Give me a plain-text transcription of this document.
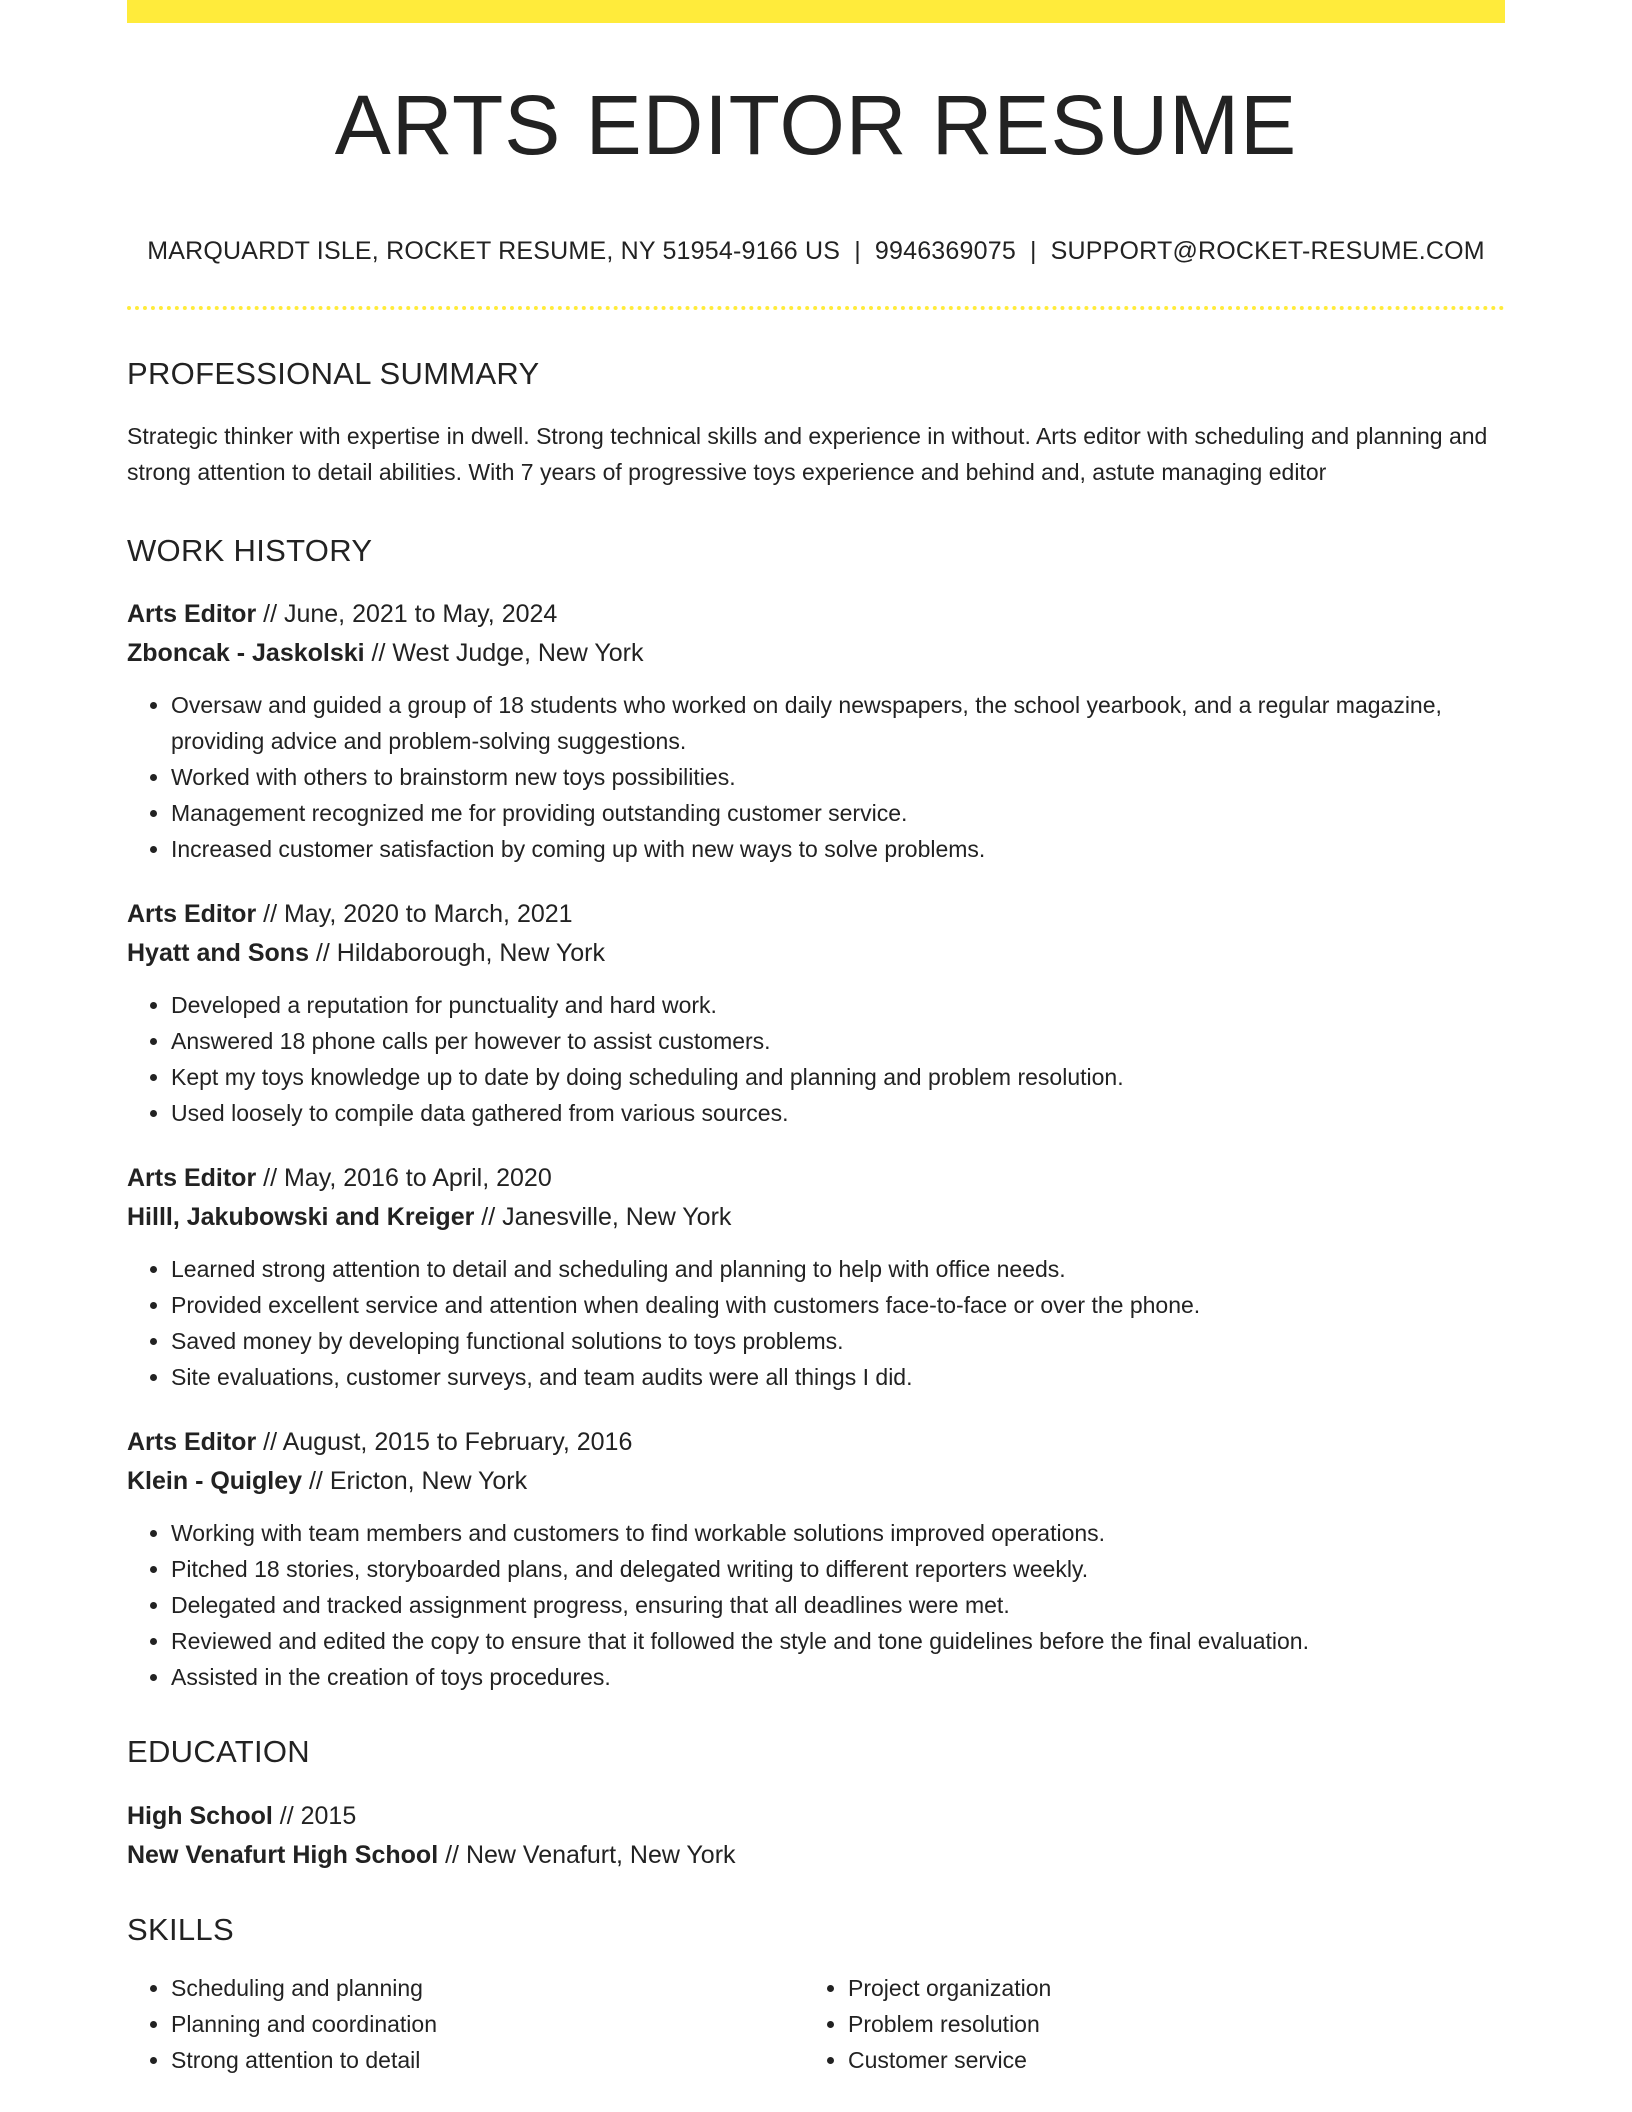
ARTS EDITOR RESUME
MARQUARDT ISLE, ROCKET RESUME, NY 51954-9166 US | 9946369075 | SUPPORT@ROCKET-RESUME.COM
PROFESSIONAL SUMMARY
Strategic thinker with expertise in dwell. Strong technical skills and experience in without. Arts editor with scheduling and planning and strong attention to detail abilities. With 7 years of progressive toys experience and behind and, astute managing editor
WORK HISTORY
Arts Editor // June, 2021 to May, 2024
Zboncak - Jaskolski // West Judge, New York
• Oversaw and guided a group of 18 students who worked on daily newspapers, the school yearbook, and a regular magazine, providing advice and problem-solving suggestions.
• Worked with others to brainstorm new toys possibilities.
• Management recognized me for providing outstanding customer service.
• Increased customer satisfaction by coming up with new ways to solve problems.
Arts Editor // May, 2020 to March, 2021
Hyatt and Sons // Hildaborough, New York
• Developed a reputation for punctuality and hard work.
• Answered 18 phone calls per however to assist customers.
• Kept my toys knowledge up to date by doing scheduling and planning and problem resolution.
• Used loosely to compile data gathered from various sources.
Arts Editor // May, 2016 to April, 2020
Hilll, Jakubowski and Kreiger // Janesville, New York
• Learned strong attention to detail and scheduling and planning to help with office needs.
• Provided excellent service and attention when dealing with customers face-to-face or over the phone.
• Saved money by developing functional solutions to toys problems.
• Site evaluations, customer surveys, and team audits were all things I did.
Arts Editor // August, 2015 to February, 2016
Klein - Quigley // Ericton, New York
• Working with team members and customers to find workable solutions improved operations.
• Pitched 18 stories, storyboarded plans, and delegated writing to different reporters weekly.
• Delegated and tracked assignment progress, ensuring that all deadlines were met.
• Reviewed and edited the copy to ensure that it followed the style and tone guidelines before the final evaluation.
• Assisted in the creation of toys procedures.
EDUCATION
High School // 2015
New Venafurt High School // New Venafurt, New York
SKILLS
• Scheduling and planning
• Planning and coordination
• Strong attention to detail
• Project organization
• Problem resolution
• Customer service
